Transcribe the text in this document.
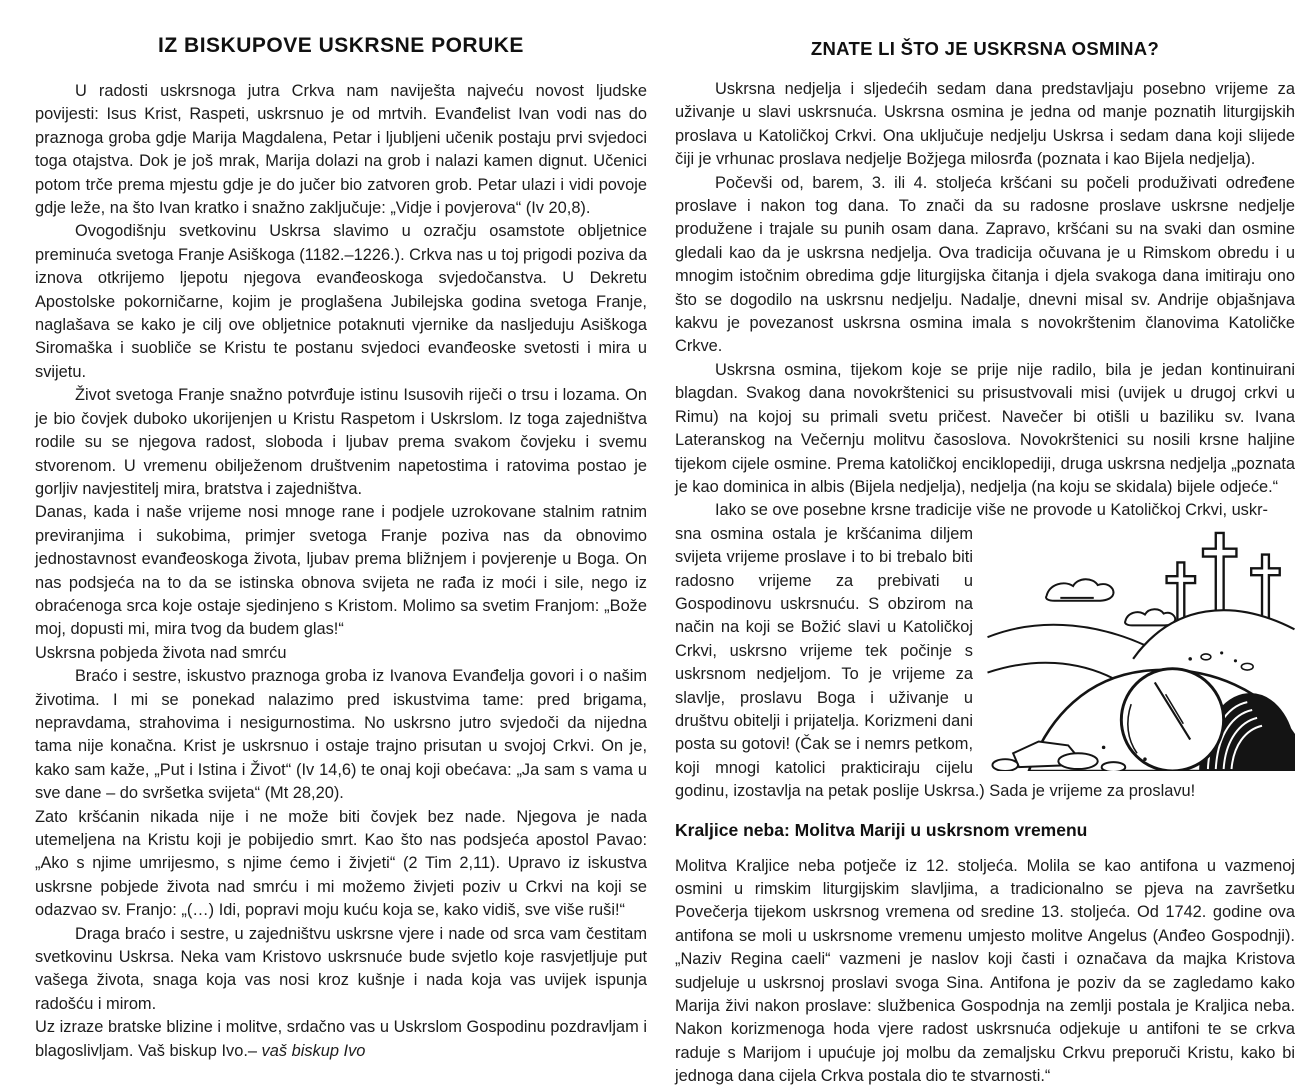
IZ BISKUPOVE USKRSNE PORUKE

U radosti uskrsnoga jutra Crkva nam naviješta najveću novost ljudske povijesti: Isus Krist, Raspeti, uskrsnuo je od mrtvih. Evanđelist Ivan vodi nas do praznoga groba gdje Marija Magdalena, Petar i ljubljeni učenik postaju prvi svjedoci toga otajstva. Dok je još mrak, Marija dolazi na grob i nalazi kamen dignut. Učenici potom trče prema mjestu gdje je do jučer bio zatvoren grob. Petar ulazi i vidi povoje gdje leže, na što Ivan kratko i snažno zaključuje: „Vidje i povjerova“ (Iv 20,8).

Ovogodišnju svetkovinu Uskrsa slavimo u ozračju osamstote obljetnice preminuća svetoga Franje Asiškoga (1182.–1226.). Crkva nas u toj prigodi poziva da iznova otkrijemo ljepotu njegova evanđeoskoga svjedočanstva. U Dekretu Apostolske pokorničarne, kojim je proglašena Jubilejska godina svetoga Franje, naglašava se kako je cilj ove obljetnice potaknuti vjernike da nasljeduju Asiškoga Siromaška i suobliče se Kristu te postanu svjedoci evanđeoske svetosti i mira u svijetu.

Život svetoga Franje snažno potvrđuje istinu Isusovih riječi o trsu i lozama. On je bio čovjek duboko ukorijenjen u Kristu Raspetom i Uskrslom. Iz toga zajedništva rodile su se njegova radost, sloboda i ljubav prema svakom čovjeku i svemu stvorenom. U vremenu obilježenom društvenim napetostima i ratovima postao je gorljiv navjestitelj mira, bratstva i zajedništva.

Danas, kada i naše vrijeme nosi mnoge rane i podjele uzrokovane stalnim ratnim previranjima i sukobima, primjer svetoga Franje poziva nas da obnovimo jednostavnost evanđeoskoga života, ljubav prema bližnjem i povjerenje u Boga. On nas podsjeća na to da se istinska obnova svijeta ne rađa iz moći i sile, nego iz obraćenoga srca koje ostaje sjedinjeno s Kristom. Molimo sa svetim Franjom: „Bože moj, dopusti mi, mira tvog da budem glas!“

Uskrsna pobjeda života nad smrću

Braćo i sestre, iskustvo praznoga groba iz Ivanova Evanđelja govori i o našim životima. I mi se ponekad nalazimo pred iskustvima tame: pred brigama, nepravdama, strahovima i nesigurnostima. No uskrsno jutro svjedoči da nijedna tama nije konačna. Krist je uskrsnuo i ostaje trajno prisutan u svojoj Crkvi. On je, kako sam kaže, „Put i Istina i Život“ (Iv 14,6) te onaj koji obećava: „Ja sam s vama u sve dane – do svršetka svijeta“ (Mt 28,20).

Zato kršćanin nikada nije i ne može biti čovjek bez nade. Njegova je nada utemeljena na Kristu koji je pobijedio smrt. Kao što nas podsjeća apostol Pavao: „Ako s njime umrijesmo, s njime ćemo i živjeti“ (2 Tim 2,11). Upravo iz iskustva uskrsne pobjede života nad smrću i mi možemo živjeti poziv u Crkvi na koji se odazvao sv. Franjo: „(…) Idi, popravi moju kuću koja se, kako vidiš, sve više ruši!“

Draga braćo i sestre, u zajedništvu uskrsne vjere i nade od srca vam čestitam svetkovinu Uskrsa. Neka vam Kristovo uskrsnuće bude svjetlo koje rasvjetljuje put vašega života, snaga koja vas nosi kroz kušnje i nada koja vas uvijek ispunja radošću i mirom.

Uz izraze bratske blizine i molitve, srdačno vas u Uskrslom Gospodinu pozdravljam i blagoslivljam. Vaš biskup Ivo.– vaš biskup Ivo

ZNATE LI ŠTO JE USKRSNA OSMINA?

Uskrsna nedjelja i sljedećih sedam dana predstavljaju posebno vrijeme za uživanje u slavi uskrsnuća. Uskrsna osmina je jedna od manje poznatih liturgijskih proslava u Katoličkoj Crkvi. Ona uključuje nedjelju Uskrsa i sedam dana koji slijede čiji je vrhunac proslava nedjelje Božjega milosrđa (poznata i kao Bijela nedjelja).

Počevši od, barem, 3. ili 4. stoljeća kršćani su počeli produživati određene proslave i nakon tog dana. To znači da su radosne proslave uskrsne nedjelje produžene i trajale su punih osam dana. Zapravo, kršćani su na svaki dan osmine gledali kao da je uskrsna nedjelja. Ova tradicija očuvana je u Rimskom obredu i u mnogim istočnim obredima gdje liturgijska čitanja i djela svakoga dana imitiraju ono što se dogodilo na uskrsnu nedjelju. Nadalje, dnevni misal sv. Andrije objašnjava kakvu je povezanost uskrsna osmina imala s novokrštenim članovima Katoličke Crkve.

Uskrsna osmina, tijekom koje se prije nije radilo, bila je jedan kontinuirani blagdan. Svakog dana novokrštenici su prisustvovali misi (uvijek u drugoj crkvi u Rimu) na kojoj su primali svetu pričest. Navečer bi otišli u baziliku sv. Ivana Lateranskog na Večernju molitvu časoslova. Novokrštenici su nosili krsne haljine tijekom cijele osmine. Prema katoličkoj enciklopediji, druga uskrsna nedjelja „poznata je kao dominica in albis (Bijela nedjelja), nedjelja (na koju se skidala) bijele odjeće.“

Iako se ove posebne krsne tradicije više ne provode u Katoličkoj Crkvi, uskr-

sna osmina ostala je kršćanima diljem svijeta vrijeme proslave i to bi trebalo biti radosno vrijeme za prebivati u Gospodinovu uskrsnuću. S obzirom na način na koji se Božić slavi u Katoličkoj Crkvi, uskrsno vrijeme tek počinje s uskrsnom nedjeljom. To je vrijeme za slavlje, proslavu Boga i uživanje u društvu obitelji i prijatelja. Korizmeni dani posta su gotovi! (Čak se i nemrs petkom, koji mnogi katolici prakticiraju cijelu godinu, izostavlja na petak poslije Uskrsa.) Sada je vrijeme za proslavu!

Kraljice neba: Molitva Mariji u uskrsnom vremenu

Molitva Kraljice neba potječe iz 12. stoljeća. Molila se kao antifona u vazmenoj osmini u rimskim liturgijskim slavljima, a tradicionalno se pjeva na završetku Povečerja tijekom uskrsnog vremena od sredine 13. stoljeća. Od 1742. godine ova antifona se moli u uskrsnome vremenu umjesto molitve Angelus (Anđeo Gospodnji). „Naziv Regina caeli“ vazmeni je naslov koji časti i označava da majka Kristova sudjeluje u uskrsnoj proslavi svoga Sina. Antifona je poziv da se zagledamo kako Marija živi nakon proslave: službenica Gospodnja na zemlji postala je Kraljica neba. Nakon korizmenoga hoda vjere radost uskrsnuća odjekuje u antifoni te se crkva raduje s Marijom i upućuje joj molbu da zemaljsku Crkvu preporuči Kristu, kako bi jednoga dana cijela Crkva postala dio te stvarnosti.“
